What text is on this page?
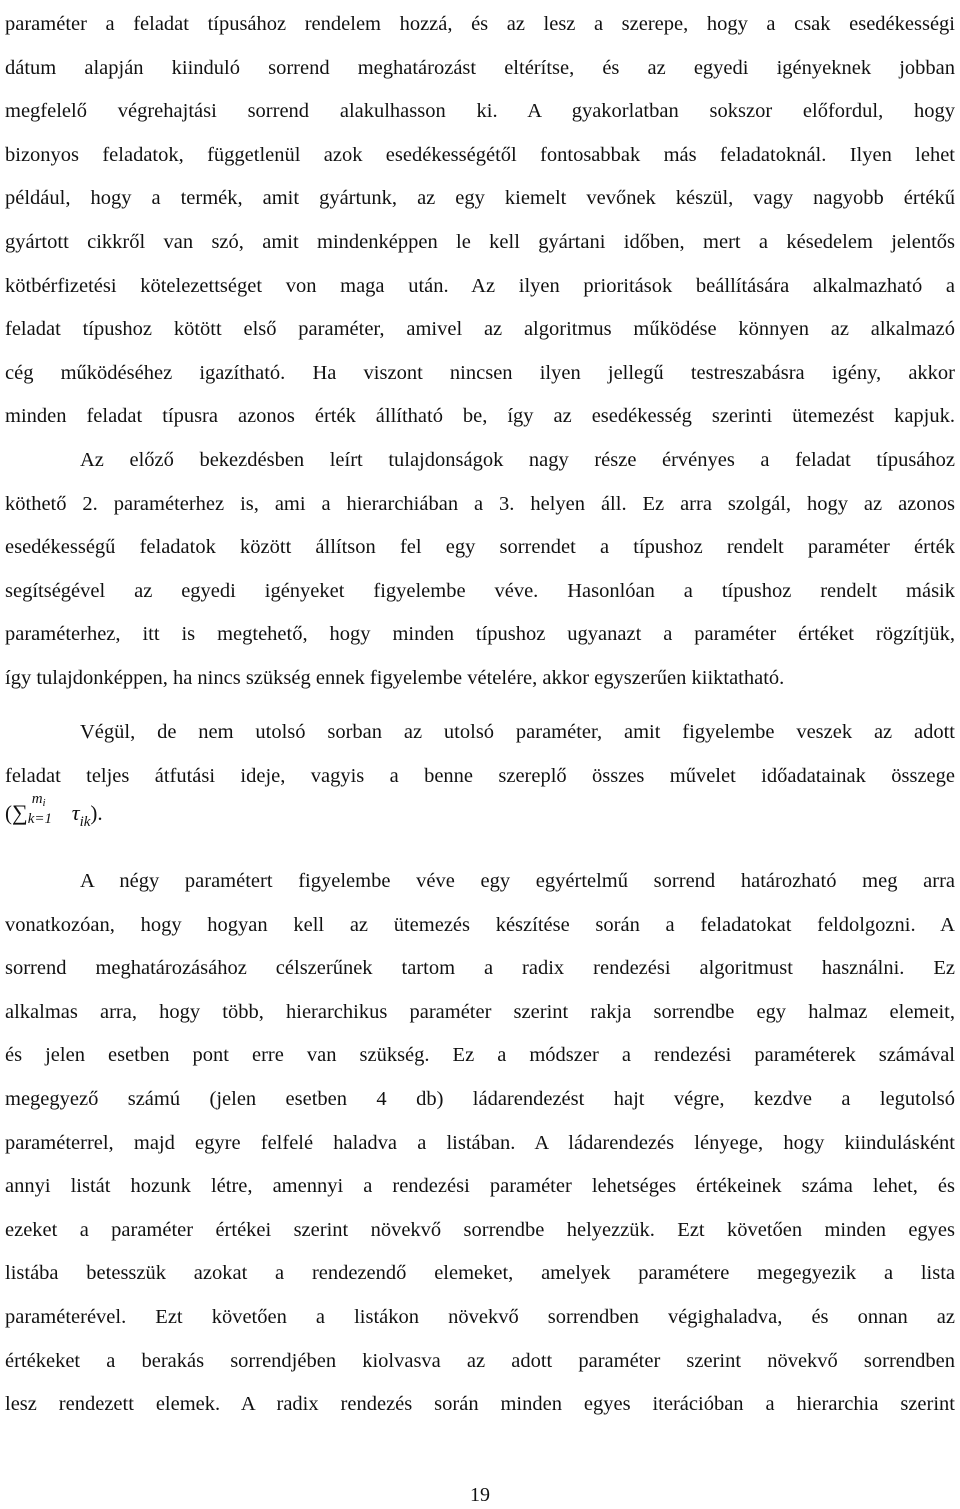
paraméter a feladat típusához rendelem hozzá, és az lesz a szerepe, hogy a csak esedékességi
dátum alapján kiinduló sorrend meghatározást eltérítse, és az egyedi igényeknek jobban
megfelelő végrehajtási sorrend alakulhasson ki. A gyakorlatban sokszor előfordul, hogy
bizonyos feladatok, függetlenül azok esedékességétől fontosabbak más feladatoknál. Ilyen lehet
például, hogy a termék, amit gyártunk, az egy kiemelt vevőnek készül, vagy nagyobb értékű
gyártott cikkről van szó, amit mindenképpen le kell gyártani időben, mert a késedelem jelentős
kötbérfizetési kötelezettséget von maga után. Az ilyen prioritások beállítására alkalmazható a
feladat típushoz kötött első paraméter, amivel az algoritmus működése könnyen az alkalmazó
cég működéséhez igazítható. Ha viszont nincsen ilyen jellegű testreszabásra igény, akkor
minden feladat típusra azonos érték állítható be, így az esedékesség szerinti ütemezést kapjuk.
Az előző bekezdésben leírt tulajdonságok nagy része érvényes a feladat típusához
köthető 2. paraméterhez is, ami a hierarchiában a 3. helyen áll. Ez arra szolgál, hogy az azonos
esedékességű feladatok között állítson fel egy sorrendet a típushoz rendelt paraméter érték
segítségével az egyedi igényeket figyelembe véve. Hasonlóan a típushoz rendelt másik
paraméterhez, itt is megtehető, hogy minden típushoz ugyanazt a paraméter értéket rögzítjük,
így tulajdonképpen, ha nincs szükség ennek figyelembe vételére, akkor egyszerűen kiiktatható.
Végül, de nem utolsó sorban az utolsó paraméter, amit figyelembe veszek az adott
feladat teljes átfutási ideje, vagyis a benne szereplő összes művelet időadatainak összege
(∑
$m_i$
k=1 $\tau_{ik}$).
A négy paramétert figyelembe véve egy egyértelmű sorrend határozható meg arra
vonatkozóan, hogy hogyan kell az ütemezés készítése során a feladatokat feldolgozni. A
sorrend meghatározásához célszerűnek tartom a radix rendezési algoritmust használni. Ez
alkalmas arra, hogy több, hierarchikus paraméter szerint rakja sorrendbe egy halmaz elemeit,
és jelen esetben pont erre van szükség. Ez a módszer a rendezési paraméterek számával
megegyező számú (jelen esetben 4 db) ládarendezést hajt végre, kezdve a legutolsó
paraméterrel, majd egyre felfelé haladva a listában. A ládarendezés lényege, hogy kiindulásként
annyi listát hozunk létre, amennyi a rendezési paraméter lehetséges értékeinek száma lehet, és
ezeket a paraméter értékei szerint növekvő sorrendbe helyezzük. Ezt követően minden egyes
listába betesszük azokat a rendezendő elemeket, amelyek paramétere megegyezik a lista
paraméterével. Ezt követően a listákon növekvő sorrendben végighaladva, és onnan az
értékeket a berakás sorrendjében kiolvasva az adott paraméter szerint növekvő sorrendben
lesz rendezett elemek. A radix rendezés során minden egyes iterációban a hierarchia szerint
19
